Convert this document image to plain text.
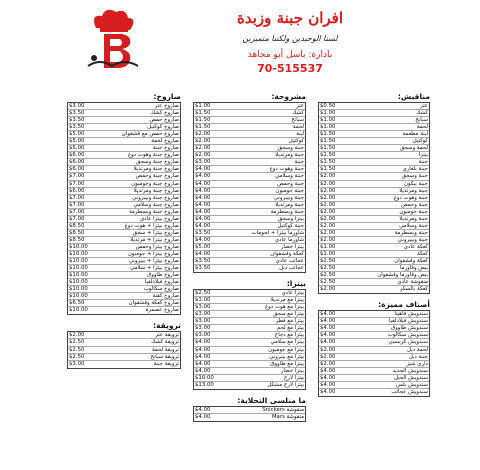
افران جبنة وزبدة
لسنا الوحيدين ولكننا متميزين
بادارة: باسل أبو مجاهد
70-515537
مناقيش:
$0.50	عتر
$1.00	كشك
$1.00	سبانخ
$1.00	لحمة
$1.50	لبنة مطعمة
$1.50	كوكتيل
$1.50	لحمة وسجق
$1.50	بيتزا
$1.50	جبنة
$1.50	جبنة بلغاري
$2.00	جبنة وسجق
$2.00	جبنة بيكون
$2.00	جبنة ومرتديلا
$2.00	جبنة وهوت دوغ
$2.00	جبنة وحمص
$2.00	جبنة جومبون
$2.00	جبنة ومرتديلا
$2.00	جبنة وسلامي
$2.00	جبنة وبسطرمة
$2.00	جبنة وبيبروني
$1.00	كعكة عادي
$1.00	كعكة
$2.50	كعكة وقشقوان
$2.50	بيض وقاورما
$2.50	بيض وقاورما وقشقوان
$2.50	منقوشة عادي
$2.00	كعكة بالسكر
أصناف مميزة:
$4.00	سندويش فاهيتا
$4.00	سندويش فيلادلفيا
$4.00	سندويش طاووق
$4.00	سندويش سكالوب
$4.00	سندويش كريسبي
$2.00	لحمة دبل
$2.00	جبنة دبل
$2.00	داري شيز
$4.00	سندويش الجديد
$4.00	سندويش الجبل
$4.00	سندويش بلس
$4.00	سندويش عجائب
مشروحة:
$1.00	عتر
$1.50	كشك
$1.50	سبانخ
$1.50	لحمة
$2.00	لبنة
$2.00	كوكتيل
$2.00	جبنة وسجق
$2.00	جبنة ومرتديلا
$3.00	جبنة
$4.00	جبنة وهوت دوغ
$4.00	جبنة وسلامي
$4.00	جبنة وحمص
$4.00	جبنة جومبون
$4.00	جبنة وبيبروني
$4.00	جبنة ومرتديلا
$4.00	جبنة وبسطرمة
$4.00	بيتزا وسجق
$4.00	جبنة كوكتيل
$3.50	شاورما بيتزا + لحومات
$4.00	شاورما عادي
$5.00	بيتزا خضار
$4.00	كعكة وقشقوان
$3.50	عجائب عادي
$3.50	عجائب دبل
بيتزا:
$2.50	بيتزا عادي
$3.00	بيتزا مع مرتديلا
$3.00	بيتزا مع هوت دوغ
$3.00	بيتزا مع سجق
$3.00	بيتزا مع فطر
$3.00	بيتزا مع لحم
$3.00	بيتزا مع دجاج
$4.00	بيتزا مع سلامي
$4.00	بيتزا مع جومبون
$4.00	بيتزا مع بيبروني
$4.00	بيتزا مع طاووق
$4.00	بيتزا خضار
$10.00	بيتزا لارج
$13.00	بيتزا لارج مشكل
ما منلسى التحلاية:
$4.00	منقوشة Snickers
$4.00	منقوشة Mars
صاروخ:
$3.00	صاروخ عتر
$3.50	صاروخ كشك
$3.50	صاروخ حمص
$3.50	صاروخ كوكتيل
$5.00	صاروخ حمص مع قشقوان
$5.00	صاروخ لحمة
$5.00	صاروخ جبنة
$6.00	صاروخ جبنة وهوت دوغ
$6.00	صاروخ جبنة وسجق
$6.00	صاروخ جبنة ومرتديلا
$7.00	صاروخ جبنة وحمص
$7.00	صاروخ جبنة وجومبون
$6.00	صاروخ جبنة ومرتديلا
$7.00	صاروخ جبنة وبيبروني
$7.00	صاروخ جبنة وسلامي
$7.00	صاروخ جبنة وبسطرمة
$7.00	صاروخ بيتزا عادي
$8.50	صاروخ بيتزا + هوت دوغ
$8.50	صاروخ بيتزا + سجق
$8.50	صاروخ بيتزا + مرتديلا
$10.00	صاروخ بيتزا وحمص
$10.00	صاروخ بيتزا + جومبون
$10.00	صاروخ بيتزا + بيبروني
$10.00	صاروخ بيتزا + سلامي
$10.00	صاروخ طاووق
$10.00	صاروخ فيلادلفيا
$10.00	صاروخ سكالوب
$10.00	صاروخ كفتة
$6.50	صاروخ كعكة وقشقوان
$10.00	صاروخ عصمرة
ترويقة:
$2.00	ترويقة عتر
$2.50	ترويقة كشك
$2.50	ترويقة لحمة
$2.50	ترويقة سبانخ
$3.00	ترويقة جبنة
